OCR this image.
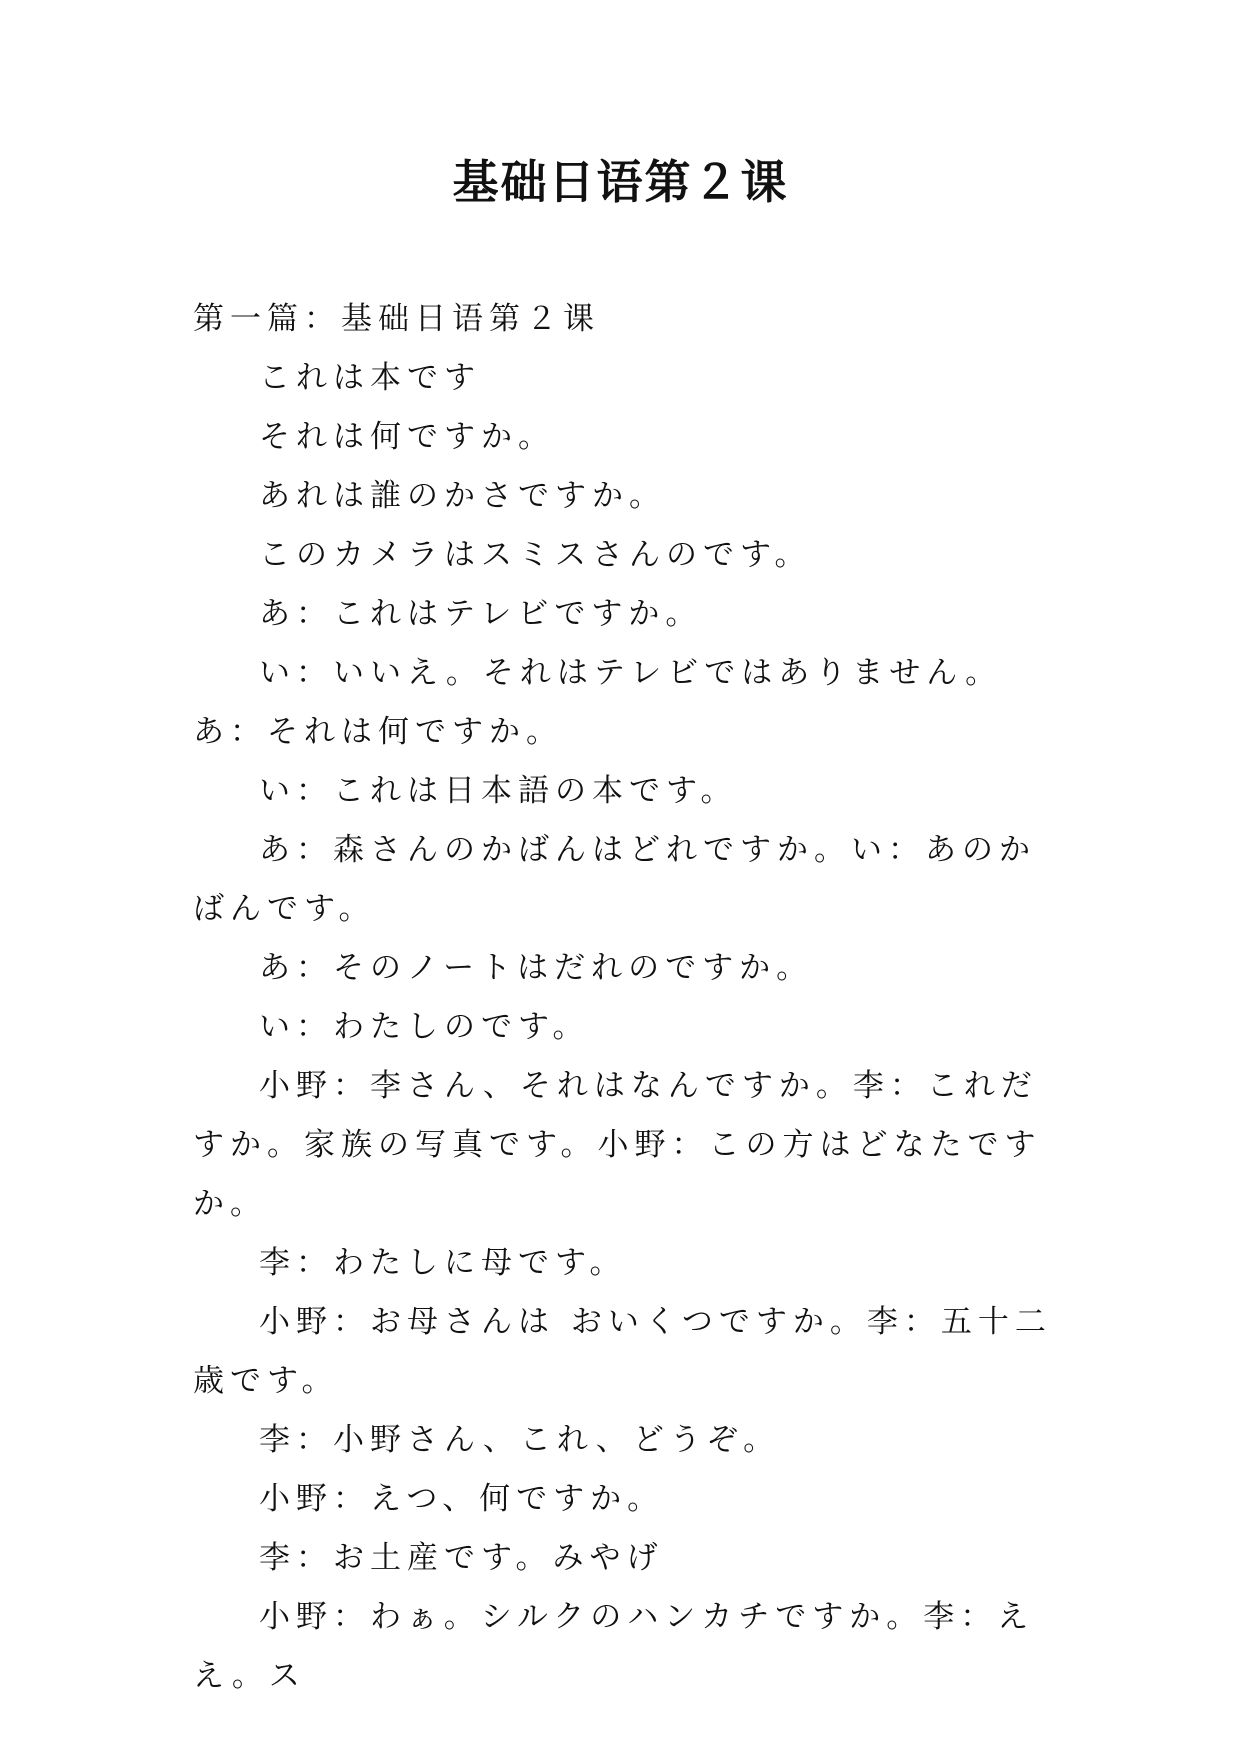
基础日语第２课

第一篇：基础日语第２课

これは本です

それは何ですか。

あれは誰のかさですか。

このカメラはスミスさんのです。

あ：これはテレビですか。

い：いいえ。それはテレビではありません。あ：それは何ですか。

い：これは日本語の本です。

あ：森さんのかばんはどれですか。い：あのかばんです。

あ：そのノートはだれのですか。

い：わたしのです。

小野：李さん、それはなんですか。李：これだすか。家族の写真です。小野：この方はどなたですか。

李：わたしに母です。

小野：お母さんは おいくつですか。李：五十二歳です。

李：小野さん、これ、どうぞ。

小野：えつ、何ですか。

李：お土産です。みやげ

小野：わぁ。シルクのハンカチですか。李：ええ。ス
